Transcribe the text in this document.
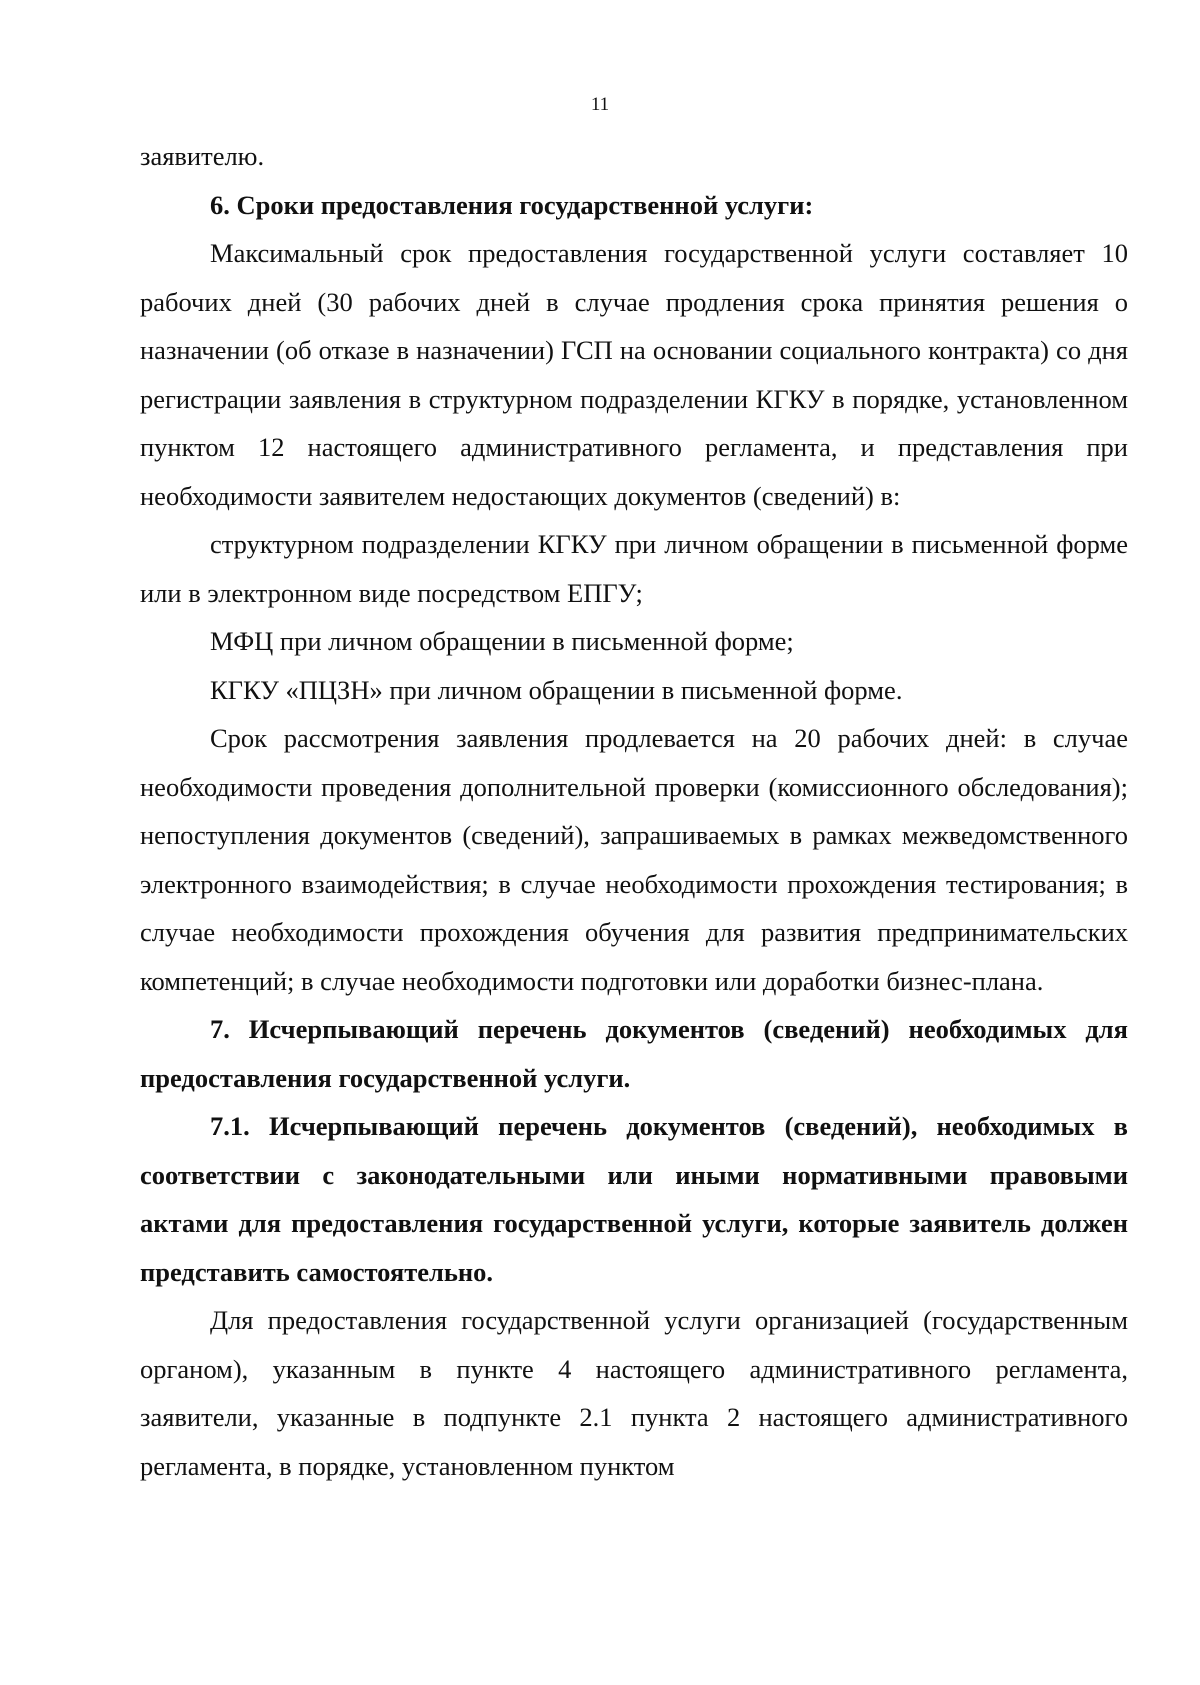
11

заявителю.

6. Сроки предоставления государственной услуги:

Максимальный срок предоставления государственной услуги составляет 10 рабочих дней (30 рабочих дней в случае продления срока принятия решения о назначении (об отказе в назначении) ГСП на основании социального контракта) со дня регистрации заявления в структурном подразделении КГКУ в порядке, установленном пунктом 12 настоящего административного регламента, и представления при необходимости заявителем недостающих документов (сведений) в:

структурном подразделении КГКУ при личном обращении в письменной форме или в электронном виде посредством ЕПГУ;

МФЦ при личном обращении в письменной форме;

КГКУ «ПЦЗН» при личном обращении в письменной форме.

Срок рассмотрения заявления продлевается на 20 рабочих дней: в случае необходимости проведения дополнительной проверки (комиссионного обследования); непоступления документов (сведений), запрашиваемых в рамках межведомственного электронного взаимодействия; в случае необходимости прохождения тестирования; в случае необходимости прохождения обучения для развития предпринимательских компетенций; в случае необходимости подготовки или доработки бизнес-плана.

7. Исчерпывающий перечень документов (сведений) необходимых для предоставления государственной услуги.

7.1. Исчерпывающий перечень документов (сведений), необходимых в соответствии с законодательными или иными нормативными правовыми актами для предоставления государственной услуги, которые заявитель должен представить самостоятельно.

Для предоставления государственной услуги организацией (государственным органом), указанным в пункте 4 настоящего административного регламента, заявители, указанные в подпункте 2.1 пункта 2 настоящего административного регламента, в порядке, установленном пунктом
